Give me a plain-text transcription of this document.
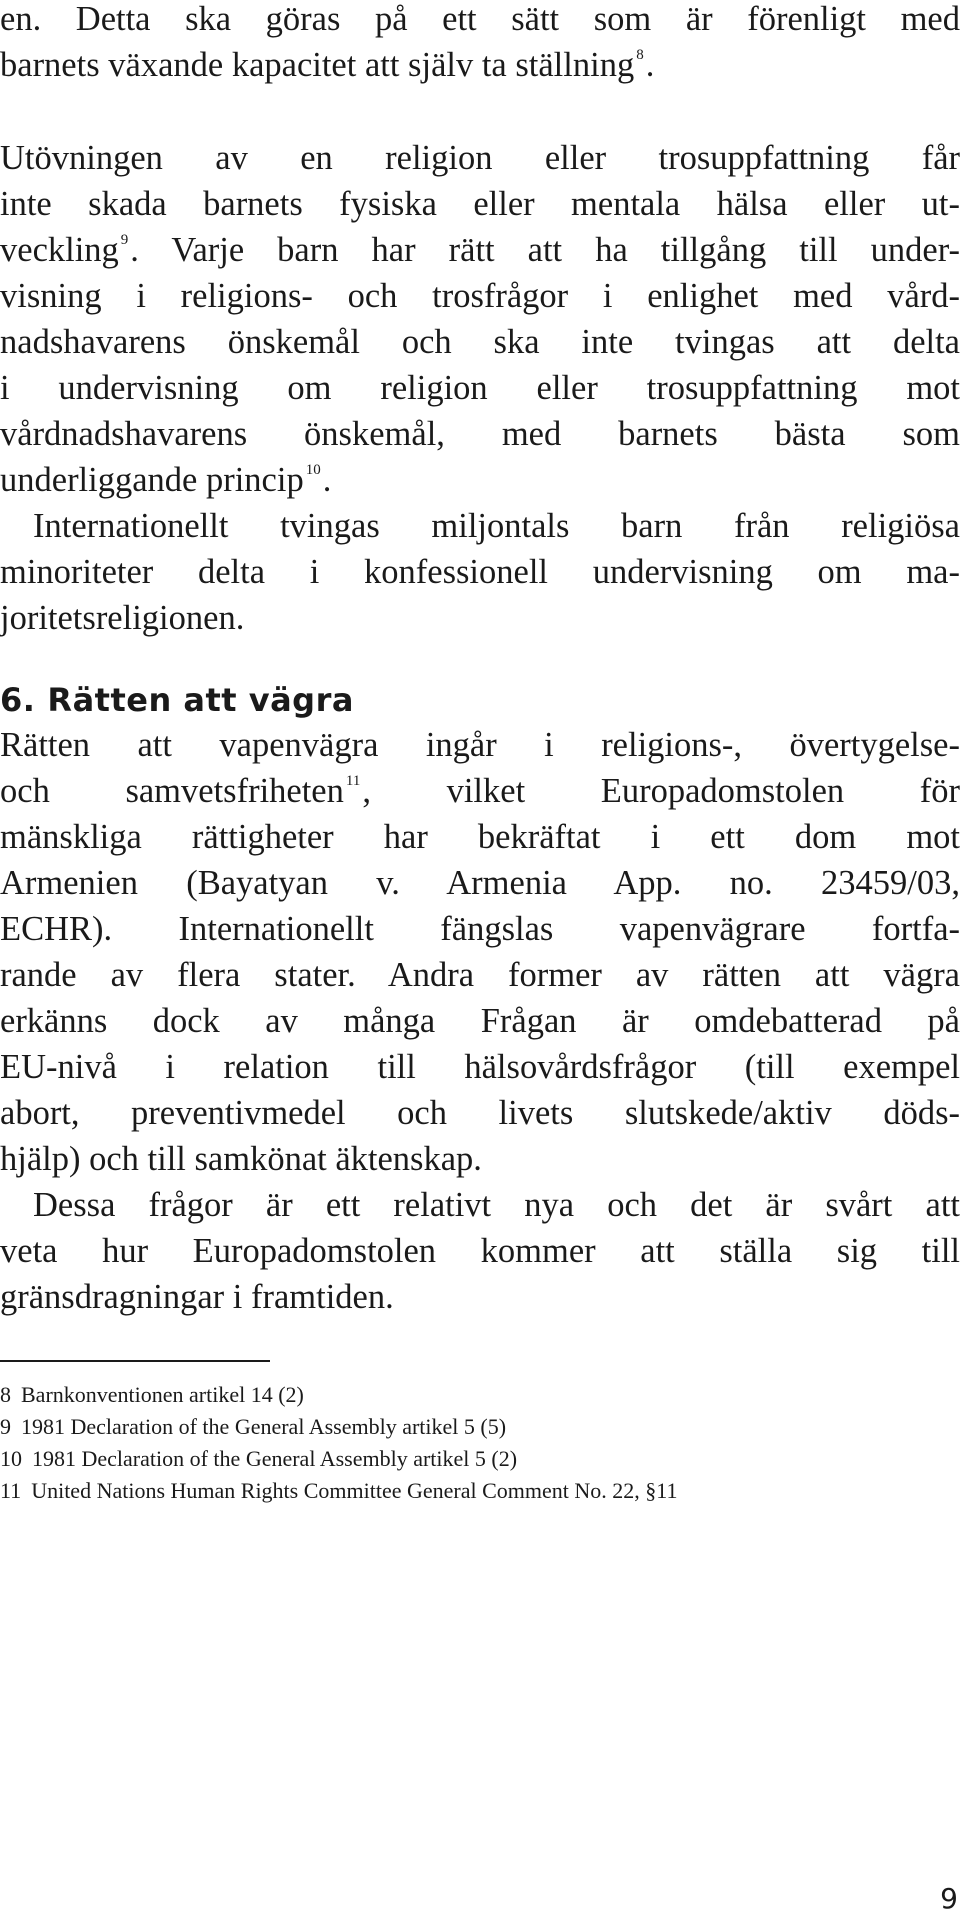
en. Detta ska göras på ett sätt som är förenligt med

barnets växande kapacitet att själv ta ställning $^8$.

Utövningen av en religion eller trosuppfattning får

inte skada barnets fysiska eller mentala hälsa eller ut-

veckling $^9$. Varje barn har rätt att ha tillgång till under-

visning i religions- och trosfrågor i enlighet med vård-

nadshavarens önskemål och ska inte tvingas att delta

i undervisning om religion eller trosuppfattning mot

vårdnadshavarens önskemål, med barnets bästa som

underliggande princip $^{10}$.

Internationellt tvingas miljontals barn från religiösa

minoriteter delta i konfessionell undervisning om ma-

joritetsreligionen.

6. Rätten att vägra

Rätten att vapenvägra ingår i religions-, övertygelse-

och samvetsfriheten $^{11}$, vilket Europadomstolen för

mänskliga rättigheter har bekräftat i ett dom mot

Armenien (Bayatyan v. Armenia App. no. 23459/03,

ECHR). Internationellt fängslas vapenvägrare fortfa-

rande av flera stater. Andra former av rätten att vägra

erkänns dock av många Frågan är omdebatterad på

EU-nivå i relation till hälsovårdsfrågor (till exempel

abort, preventivmedel och livets slutskede/aktiv döds-

hjälp) och till samkönat äktenskap.

Dessa frågor är ett relativt nya och det är svårt att

veta hur Europadomstolen kommer att ställa sig till

gränsdragningar i framtiden.

8 Barnkonventionen artikel 14 (2)

9 1981 Declaration of the General Assembly artikel 5 (5)

10 1981 Declaration of the General Assembly artikel 5 (2)

11 United Nations Human Rights Committee General Comment No. 22, §11

9
